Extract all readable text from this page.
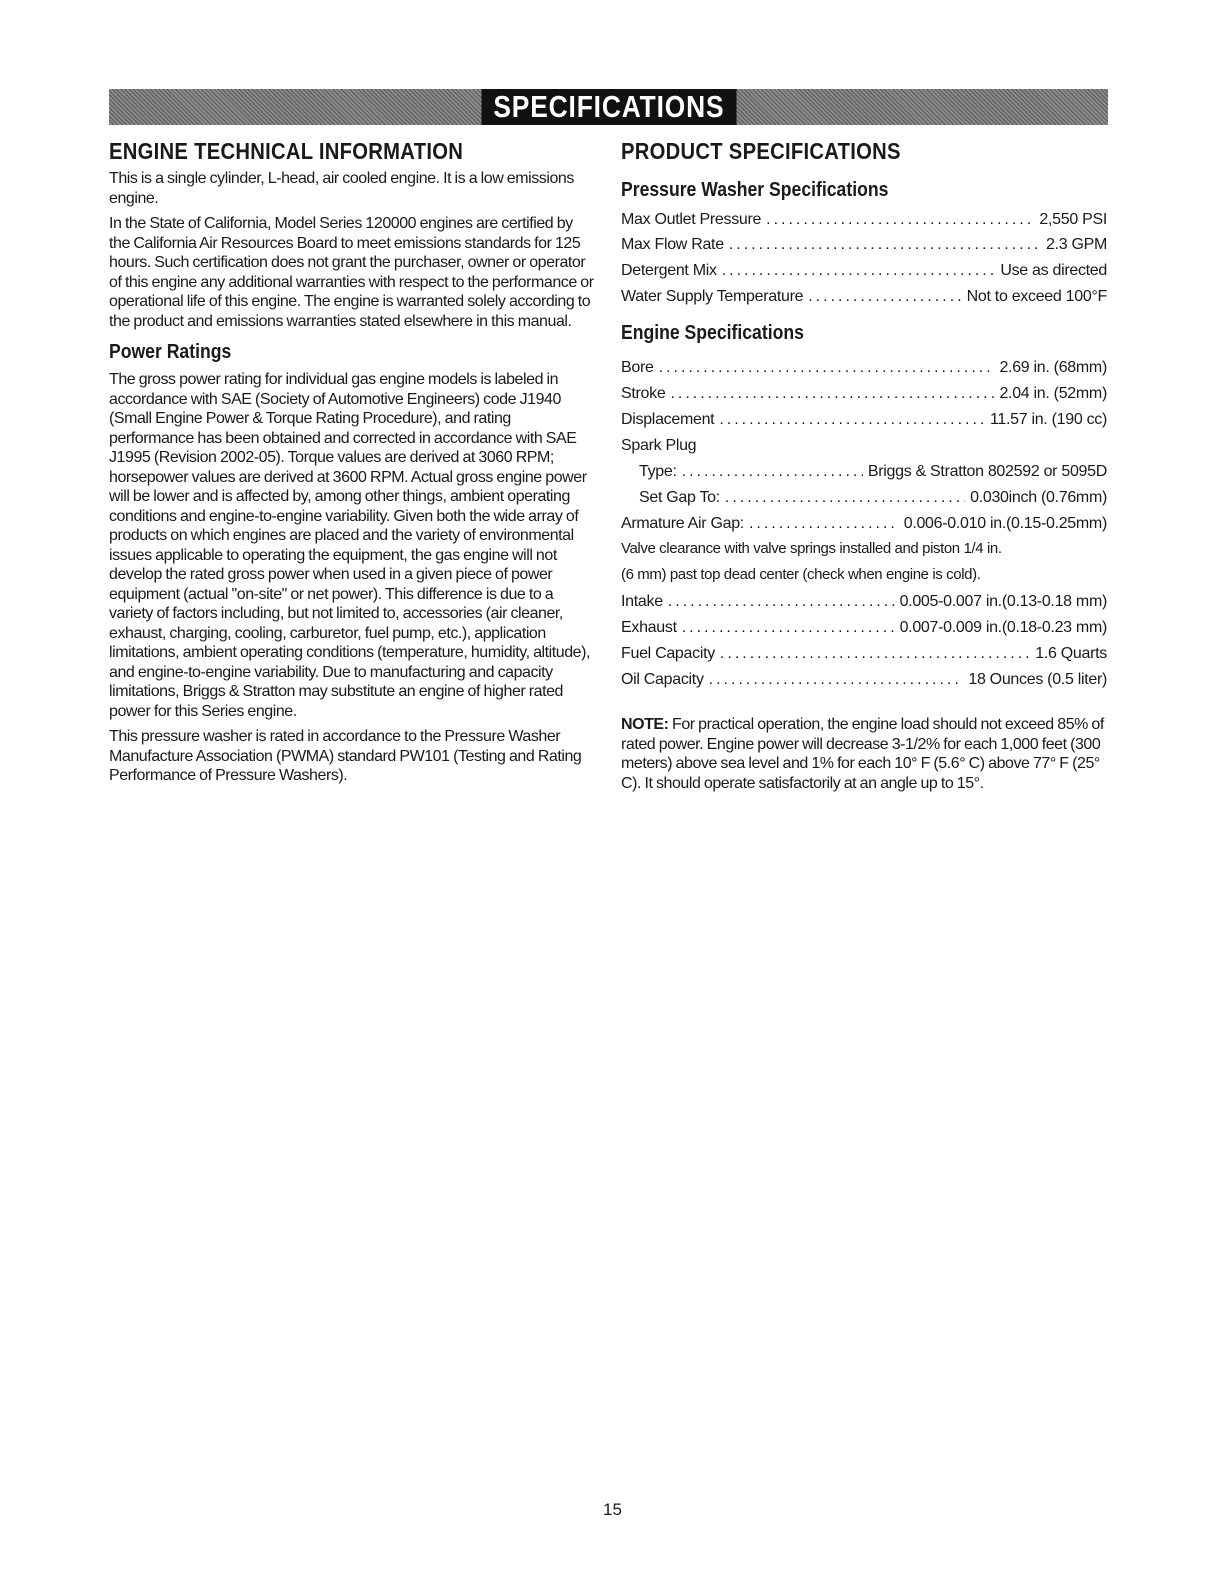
SPECIFICATIONS
ENGINE TECHNICAL INFORMATION

This is a single cylinder, L-head, air cooled engine. It is a low emissions engine.

In the State of California, Model Series 120000 engines are certified by the California Air Resources Board to meet emissions standards for 125 hours. Such certification does not grant the purchaser, owner or operator of this engine any additional warranties with respect to the performance or operational life of this engine. The engine is warranted solely according to the product and emissions warranties stated elsewhere in this manual.

Power Ratings

The gross power rating for individual gas engine models is labeled in accordance with SAE (Society of Automotive Engineers) code J1940 (Small Engine Power & Torque Rating Procedure), and rating performance has been obtained and corrected in accordance with SAE J1995 (Revision 2002-05). Torque values are derived at 3060 RPM; horsepower values are derived at 3600 RPM. Actual gross engine power will be lower and is affected by, among other things, ambient operating conditions and engine-to-engine variability. Given both the wide array of products on which engines are placed and the variety of environmental issues applicable to operating the equipment, the gas engine will not develop the rated gross power when used in a given piece of power equipment (actual "on-site" or net power). This difference is due to a variety of factors including, but not limited to, accessories (air cleaner, exhaust, charging, cooling, carburetor, fuel pump, etc.), application limitations, ambient operating conditions (temperature, humidity, altitude), and engine-to-engine variability. Due to manufacturing and capacity limitations, Briggs & Stratton may substitute an engine of higher rated power for this Series engine.

This pressure washer is rated in accordance to the Pressure Washer Manufacture Association (PWMA) standard PW101 (Testing and Rating Performance of Pressure Washers).

PRODUCT SPECIFICATIONS
Pressure Washer Specifications
Max Outlet Pressure .....	2,550 PSI
Max Flow Rate .....	2.3 GPM
Detergent Mix .....	Use as directed
Water Supply Temperature .....	Not to exceed 100°F
Engine Specifications
Bore .....	2.69 in. (68mm)
Stroke .....	2.04 in. (52mm)
Displacement .....	11.57 in. (190 cc)
Spark Plug
Type: .....	Briggs & Stratton 802592 or 5095D
Set Gap To: .....	0.030inch (0.76mm)
Armature Air Gap: .....	0.006-0.010 in.(0.15-0.25mm)
Valve clearance with valve springs installed and piston 1/4 in.
(6 mm) past top dead center (check when engine is cold).
Intake .....	0.005-0.007 in.(0.13-0.18 mm)
Exhaust .....	0.007-0.009 in.(0.18-0.23 mm)
Fuel Capacity .....	1.6 Quarts
Oil Capacity .....	18 Ounces (0.5 liter)

NOTE: For practical operation, the engine load should not exceed 85% of rated power. Engine power will decrease 3-1/2% for each 1,000 feet (300 meters) above sea level and 1% for each 10° F (5.6° C) above 77° F (25° C). It should operate satisfactorily at an angle up to 15°.

15
